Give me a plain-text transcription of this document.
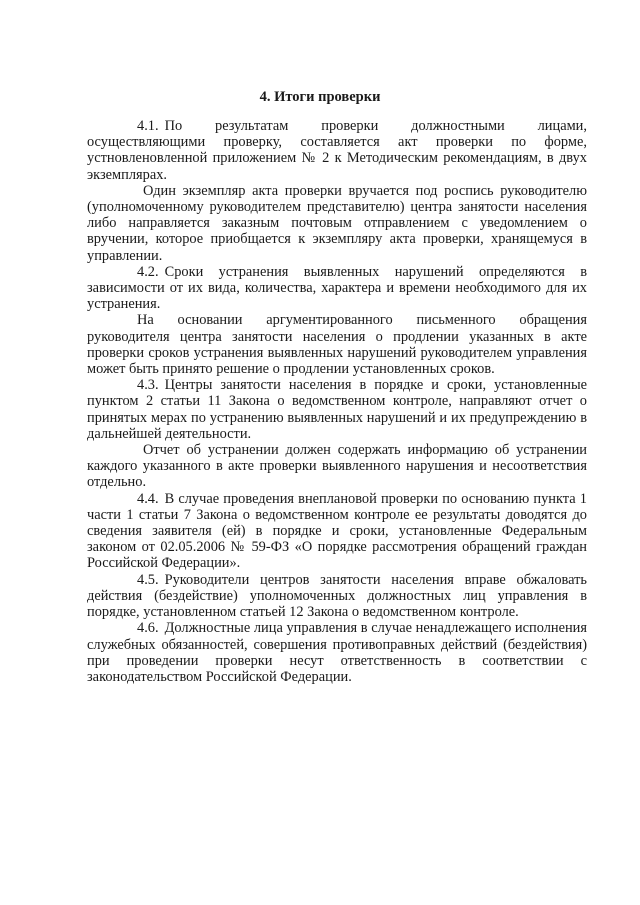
4. Итоги проверки

4.1. По результатам проверки должностными лицами, осуществляющими проверку, составляется акт проверки по форме, устновленовленной приложением № 2 к Методическим рекомендациям, в двух экземплярах.

Один экземпляр акта проверки вручается под роспись руководителю (уполномоченному руководителем представителю) центра занятости населения либо направляется заказным почтовым отправлением с уведомлением о вручении, которое приобщается к экземпляру акта проверки, хранящемуся в управлении.

4.2. Сроки устранения выявленных нарушений определяются в зависимости от их вида, количества, характера и времени необходимого для их устранения.

На основании аргументированного письменного обращения руководителя центра занятости населения о продлении указанных в акте проверки сроков устранения выявленных нарушений руководителем управления может быть принято решение о продлении установленных сроков.

4.3. Центры занятости населения в порядке и сроки, установленные пунктом 2 статьи 11 Закона о ведомственном контроле, направляют отчет о принятых мерах по устранению выявленных нарушений и их предупреждению в дальнейшей деятельности.

Отчет об устранении должен содержать информацию об устранении каждого указанного в акте проверки выявленного нарушения и несоответствия отдельно.

4.4. В случае проведения внеплановой проверки по основанию пункта 1 части 1 статьи 7 Закона о ведомственном контроле ее результаты доводятся до сведения заявителя (ей) в порядке и сроки, установленные Федеральным законом от 02.05.2006 № 59-ФЗ «О порядке рассмотрения обращений граждан Российской Федерации».

4.5. Руководители центров занятости населения вправе обжаловать действия (бездействие) уполномоченных должностных лиц управления в порядке, установленном статьей 12 Закона о ведомственном контроле.

4.6. Должностные лица управления в случае ненадлежащего исполнения служебных обязанностей, совершения противоправных действий (бездействия) при проведении проверки несут ответственность в соответствии с законодательством Российской Федерации.
